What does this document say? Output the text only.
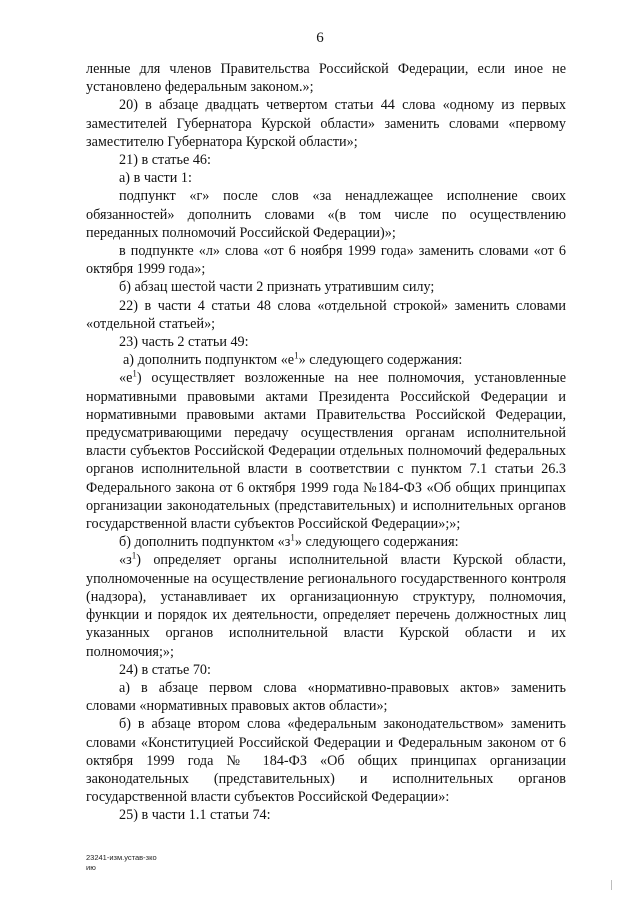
6

ленные для членов Правительства Российской Федерации, если иное не установлено федеральным законом.»;

20) в абзаце двадцать четвертом статьи 44 слова «одному из первых заместителей Губернатора Курской области» заменить словами «первому заместителю Губернатора Курской области»;

21) в статье 46:

а) в части 1:

подпункт «г» после слов «за ненадлежащее исполнение своих обязанностей» дополнить словами «(в том числе по осуществлению переданных полномочий Российской Федерации)»;

в подпункте «л» слова «от 6 ноября 1999 года» заменить словами «от 6 октября 1999 года»;

б) абзац шестой части 2 признать утратившим силу;

22) в части 4 статьи 48 слова «отдельной строкой» заменить словами «отдельной статьей»;

23) часть 2 статьи 49:

а) дополнить подпунктом «$е^1$» следующего содержания:

«$е^1$) осуществляет возложенные на нее полномочия, установленные нормативными правовыми актами Президента Российской Федерации и нормативными правовыми актами Правительства Российской Федерации, предусматривающими передачу осуществления органам исполнительной власти субъектов Российской Федерации отдельных полномочий федеральных органов исполнительной власти в соответствии с пунктом 7.1 статьи 26.3 Федерального закона от 6 октября 1999 года №184-ФЗ «Об общих принципах организации законодательных (представительных) и исполнительных органов государственной власти субъектов Российской Федерации»;»;

б) дополнить подпунктом «$з^1$» следующего содержания:

«$з^1$) определяет органы исполнительной власти Курской области, уполномоченные на осуществление регионального государственного контроля (надзора), устанавливает их организационную структуру, полномочия, функции и порядок их деятельности, определяет перечень должностных лиц указанных органов исполнительной власти Курской области и их полномочия;»;

24) в статье 70:

а) в абзаце первом слова «нормативно-правовых актов» заменить словами «нормативных правовых актов области»;

б) в абзаце втором слова «федеральным законодательством» заменить словами «Конституцией Российской Федерации и Федеральным законом от 6 октября 1999 года № 184-ФЗ «Об общих принципах организации законодательных (представительных) и исполнительных органов государственной власти субъектов Российской Федерации»:

25) в части 1.1 статьи 74:

23241-изм.устав-зко
ию
